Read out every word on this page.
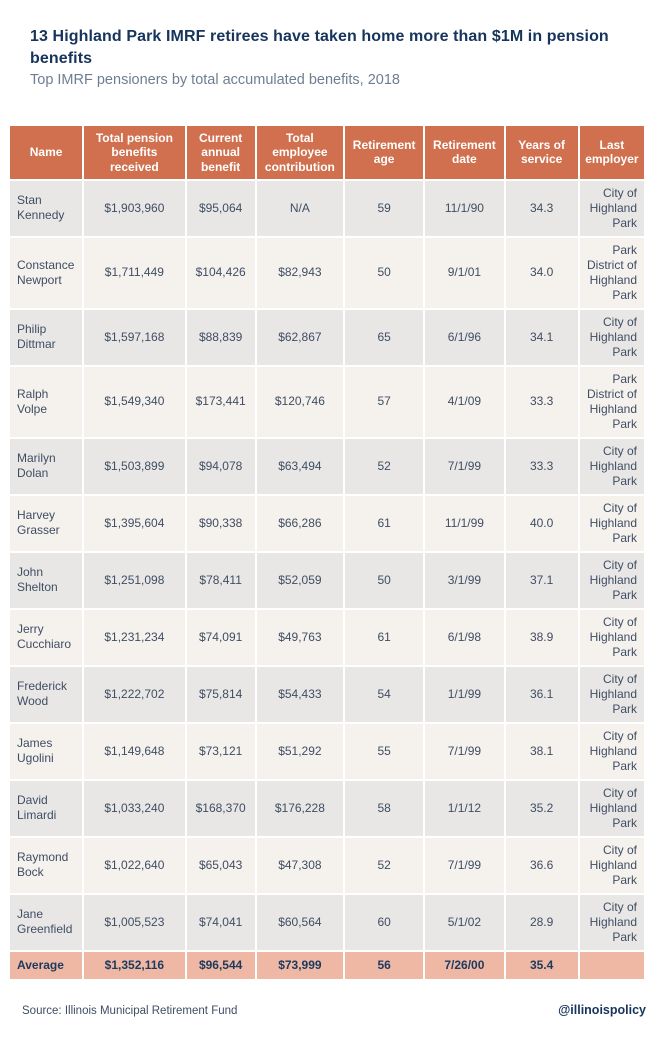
13 Highland Park IMRF retirees have taken home more than $1M in pension benefits

Top IMRF pensioners by total accumulated benefits, 2018

Name	Total pension benefits received	Current annual benefit	Total employee contribution	Retirement age	Retirement date	Years of service	Last employer
Stan Kennedy	$1,903,960	$95,064	N/A	59	11/1/90	34.3	City of Highland Park
Constance Newport	$1,711,449	$104,426	$82,943	50	9/1/01	34.0	Park District of Highland Park
Philip Dittmar	$1,597,168	$88,839	$62,867	65	6/1/96	34.1	City of Highland Park
Ralph Volpe	$1,549,340	$173,441	$120,746	57	4/1/09	33.3	Park District of Highland Park
Marilyn Dolan	$1,503,899	$94,078	$63,494	52	7/1/99	33.3	City of Highland Park
Harvey Grasser	$1,395,604	$90,338	$66,286	61	11/1/99	40.0	City of Highland Park
John Shelton	$1,251,098	$78,411	$52,059	50	3/1/99	37.1	City of Highland Park
Jerry Cucchiaro	$1,231,234	$74,091	$49,763	61	6/1/98	38.9	City of Highland Park
Frederick Wood	$1,222,702	$75,814	$54,433	54	1/1/99	36.1	City of Highland Park
James Ugolini	$1,149,648	$73,121	$51,292	55	7/1/99	38.1	City of Highland Park
David Limardi	$1,033,240	$168,370	$176,228	58	1/1/12	35.2	City of Highland Park
Raymond Bock	$1,022,640	$65,043	$47,308	52	7/1/99	36.6	City of Highland Park
Jane Greenfield	$1,005,523	$74,041	$60,564	60	5/1/02	28.9	City of Highland Park
Average	$1,352,116	$96,544	$73,999	56	7/26/00	35.4	
Source: Illinois Municipal Retirement Fund	@illinoispolicy
